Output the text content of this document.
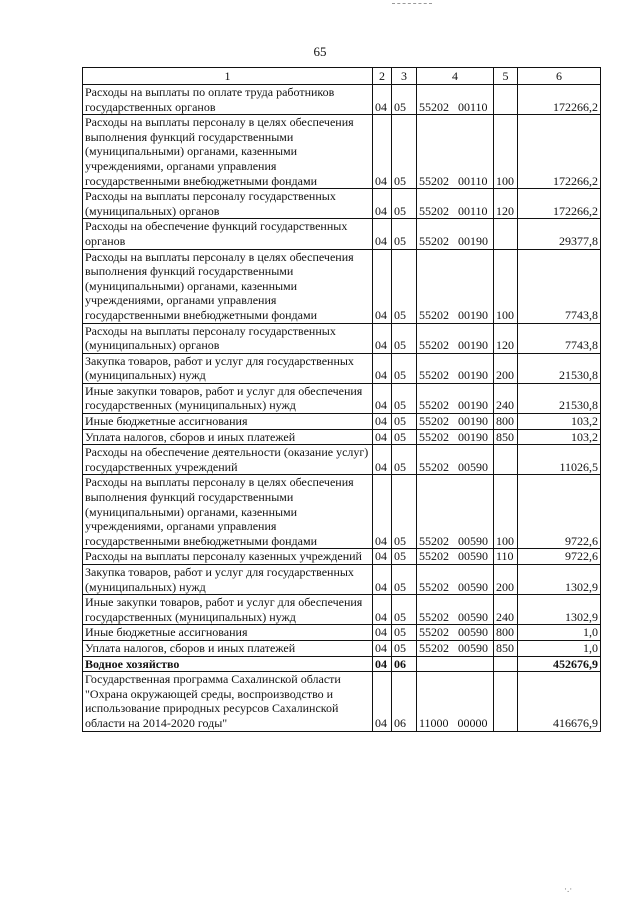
65
1	2	3	4	5	6
Расходы на выплаты по оплате труда работников государственных органов	04	05	55202   00110		172266,2
Расходы на выплаты персоналу в целях обеспечения выполнения функций государственными (муниципальными) органами, казенными учреждениями, органами управления государственными внебюджетными фондами	04	05	55202   00110	100	172266,2
Расходы на выплаты персоналу государственных (муниципальных) органов	04	05	55202   00110	120	172266,2
Расходы на обеспечение функций государственных органов	04	05	55202   00190		29377,8
Расходы на выплаты персоналу в целях обеспечения выполнения функций государственными (муниципальными) органами, казенными учреждениями, органами управления государственными внебюджетными фондами	04	05	55202   00190	100	7743,8
Расходы на выплаты персоналу государственных (муниципальных) органов	04	05	55202   00190	120	7743,8
Закупка товаров, работ и услуг для государственных (муниципальных) нужд	04	05	55202   00190	200	21530,8
Иные закупки товаров, работ и услуг для обеспечения государственных (муниципальных) нужд	04	05	55202   00190	240	21530,8
Иные бюджетные ассигнования	04	05	55202   00190	800	103,2
Уплата налогов, сборов и иных платежей	04	05	55202   00190	850	103,2
Расходы на обеспечение деятельности (оказание услуг) государственных учреждений	04	05	55202   00590		11026,5
Расходы на выплаты персоналу в целях обеспечения выполнения функций государственными (муниципальными) органами, казенными учреждениями, органами управления государственными внебюджетными фондами	04	05	55202   00590	100	9722,6
Расходы на выплаты персоналу казенных учреждений	04	05	55202   00590	110	9722,6
Закупка товаров, работ и услуг для государственных (муниципальных) нужд	04	05	55202   00590	200	1302,9
Иные закупки товаров, работ и услуг для обеспечения государственных (муниципальных) нужд	04	05	55202   00590	240	1302,9
Иные бюджетные ассигнования	04	05	55202   00590	800	1,0
Уплата налогов, сборов и иных платежей	04	05	55202   00590	850	1,0
Водное хозяйство	04	06			452676,9
Государственная программа Сахалинской области "Охрана окружающей среды, воспроизводство и использование природных ресурсов Сахалинской области на 2014-2020 годы"	04	06	11000   00000		416676,9
·.·
